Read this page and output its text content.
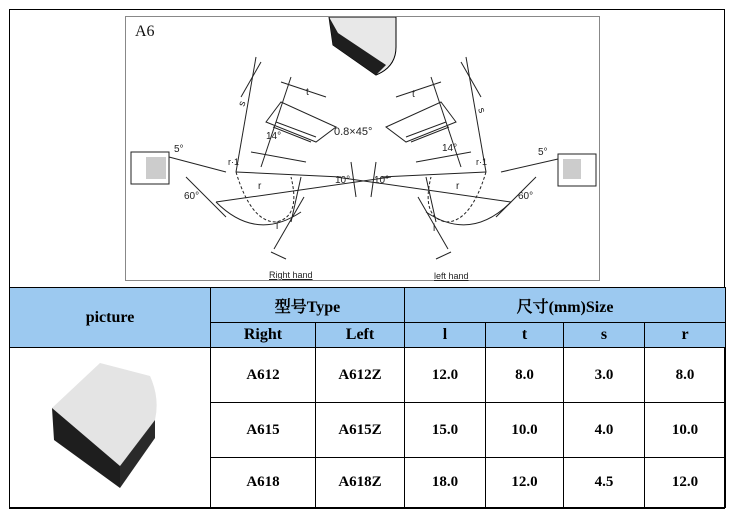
14°
5°
10°
60°
s
t
r·1
r
l
0.8×45°
14°	5°
10°
60°
s
t
r·1
r
l
A6
Right hand	left hand
picture	型号Type		尺寸(mm)Size			
	Right	Left	l	t	s	r

	A612	A612Z	12.0	8.0	3.0	8.0
	A615	A615Z	15.0	10.0	4.0	10.0
	A618	A618Z	18.0	12.0	4.5	12.0
